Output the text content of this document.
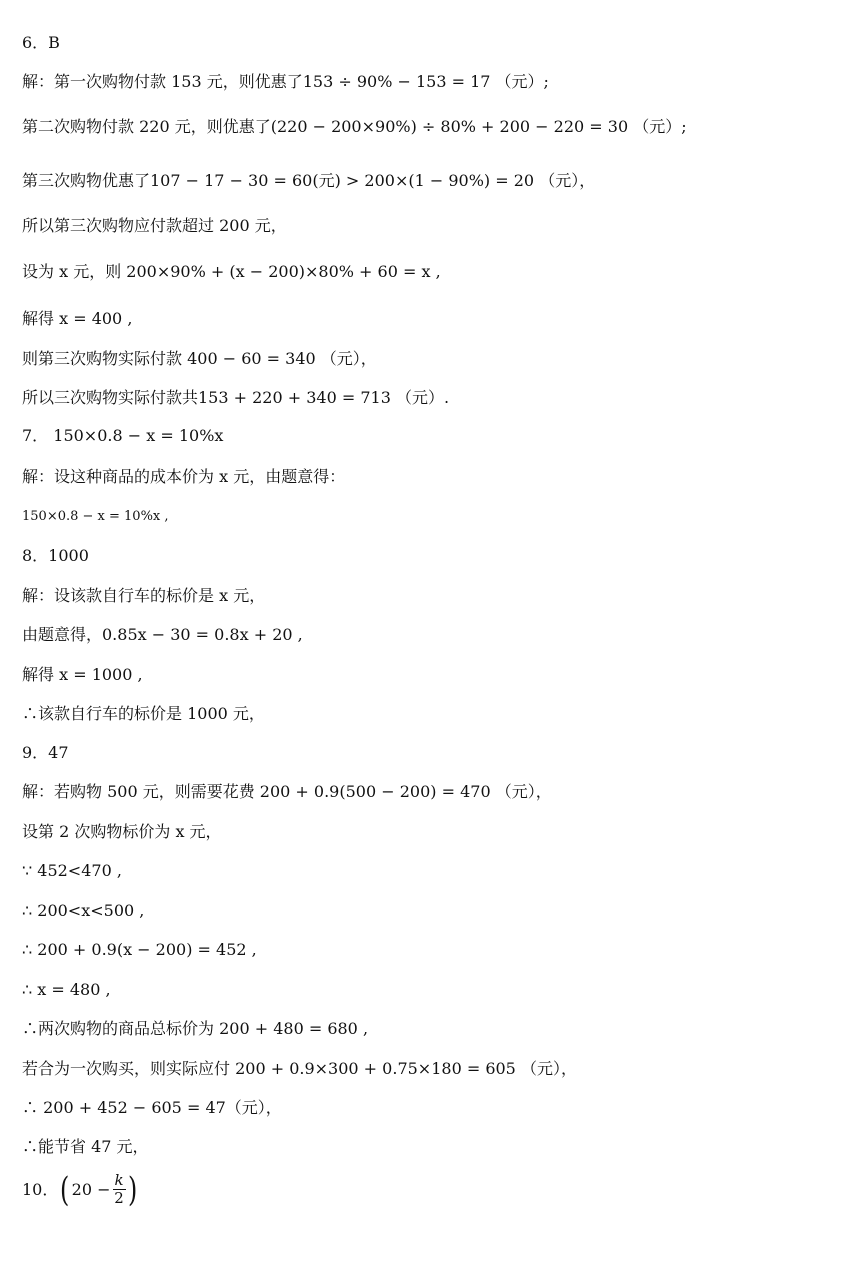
6．B
解：第一次购物付款 153 元，则优惠了153 ÷ 90% − 153 = 17 （元）;
第二次购物付款 220 元，则优惠了(220 − 200×90%) ÷ 80% + 200 − 220 = 30 （元）;
第三次购物优惠了107 − 17 − 30 = 60(元) > 200×(1 − 90%) = 20 （元），
所以第三次购物应付款超过 200 元，
设为 x 元，则 200×90% + (x − 200)×80% + 60 = x ,
解得 x = 400 ,
则第三次购物实际付款 400 − 60 = 340 （元），
所以三次购物实际付款共153 + 220 + 340 = 713 （元）.
7． 150×0.8 − x = 10%x
解：设这种商品的成本价为 x 元，由题意得：
150×0.8 − x = 10%x ,
8．1000
解：设该款自行车的标价是 x 元，
由题意得，0.85x − 30 = 0.8x + 20 ,
解得 x = 1000 ,
∴该款自行车的标价是 1000 元，
9．47
解：若购物 500 元，则需要花费 200 + 0.9(500 − 200) = 470 （元），
设第 2 次购物标价为 x 元，
∵ 452<470 ,
∴ 200<x<500 ,
∴ 200 + 0.9(x − 200) = 452 ,
∴ x = 480 ,
∴两次购物的商品总标价为 200 + 480 = 680 ,
若合为一次购买，则实际应付 200 + 0.9×300 + 0.75×180 = 605 （元），
∴ 200 + 452 − 605 = 47（元），
∴能节省 47 元，
10． ( $20 - \frac{k}{2}$ )
